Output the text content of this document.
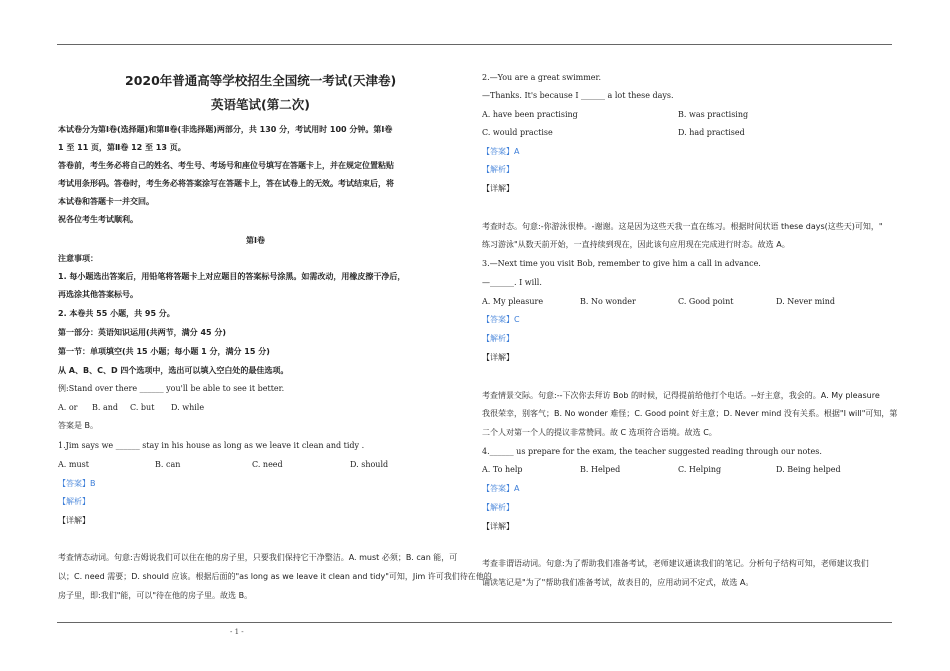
2020年普通高等学校招生全国统一考试(天津卷)
英语笔试(第二次)
本试卷分为第Ⅰ卷(选择题)和第Ⅱ卷(非选择题)两部分，共 130 分，考试用时 100 分钟。第Ⅰ卷
1 至 11 页，第Ⅱ卷 12 至 13 页。
答卷前，考生务必将自己的姓名、考生号、考场号和座位号填写在答题卡上，并在规定位置粘贴
考试用条形码。答卷时，考生务必将答案涂写在答题卡上，答在试卷上的无效。考试结束后，将
本试卷和答题卡一并交回。
祝各位考生考试顺利。
第Ⅰ卷
注意事项：
1. 每小题选出答案后，用铅笔将答题卡上对应题目的答案标号涂黑。如需改动，用橡皮擦干净后，
再选涂其他答案标号。
2. 本卷共 55 小题，共 95 分。
第一部分：英语知识运用(共两节，满分 45 分)
第一节：单项填空(共 15 小题；每小题 1 分，满分 15 分)
从 A、B、C、D 四个选项中，选出可以填入空白处的最佳选项。
例:Stand over there ______ you'll be able to see it better.
A. or B. and C. but D. while
答案是 B。
1.Jim says we ______ stay in his house as long as we leave it clean and tidy .
A. must	B. can	C. need	D. should
【答案】B
【解析】
【详解】
考查情态动词。句意:吉姆说我们可以住在他的房子里，只要我们保持它干净整洁。A. must 必须；B. can 能，可
以；C. need 需要；D. should 应该。根据后面的"as long as we leave it clean and tidy"可知，Jim 许可我们待在他的
房子里，即:我们"能，可以"待在他的房子里。故选 B。
- 1 -
2.—You are a great swimmer.
—Thanks. It's because I ______ a lot these days.
A. have been practising	B. was practising
C. would practise	D. had practised
【答案】A
【解析】
【详解】
考查时态。句意:-你游泳很棒。-谢谢。这是因为这些天我一直在练习。根据时间状语 these days(这些天)可知，"
练习游泳"从数天前开始，一直持续到现在，因此该句应用现在完成进行时态。故选 A。
3.—Next time you visit Bob, remember to give him a call in advance.
—______. I will.
A. My pleasure	B. No wonder	C. Good point	D. Never mind
【答案】C
【解析】
【详解】
考查情景交际。句意:--下次你去拜访 Bob 的时候，记得提前给他打个电话。--好主意，我会的。A. My pleasure
我很荣幸，别客气；B. No wonder 难怪；C. Good point 好主意；D. Never mind 没有关系。根据"I will"可知，第
二个人对第一个人的提议非常赞同。故 C 选项符合语境。故选 C。
4.______ us prepare for the exam, the teacher suggested reading through our notes.
A. To help	B. Helped	C. Helping	D. Being helped
【答案】A
【解析】
【详解】
考查非谓语动词。句意:为了帮助我们准备考试，老师建议通读我们的笔记。分析句子结构可知，老师建议我们
诵读笔记是"为了"帮助我们准备考试，故表目的，应用动词不定式，故选 A。
